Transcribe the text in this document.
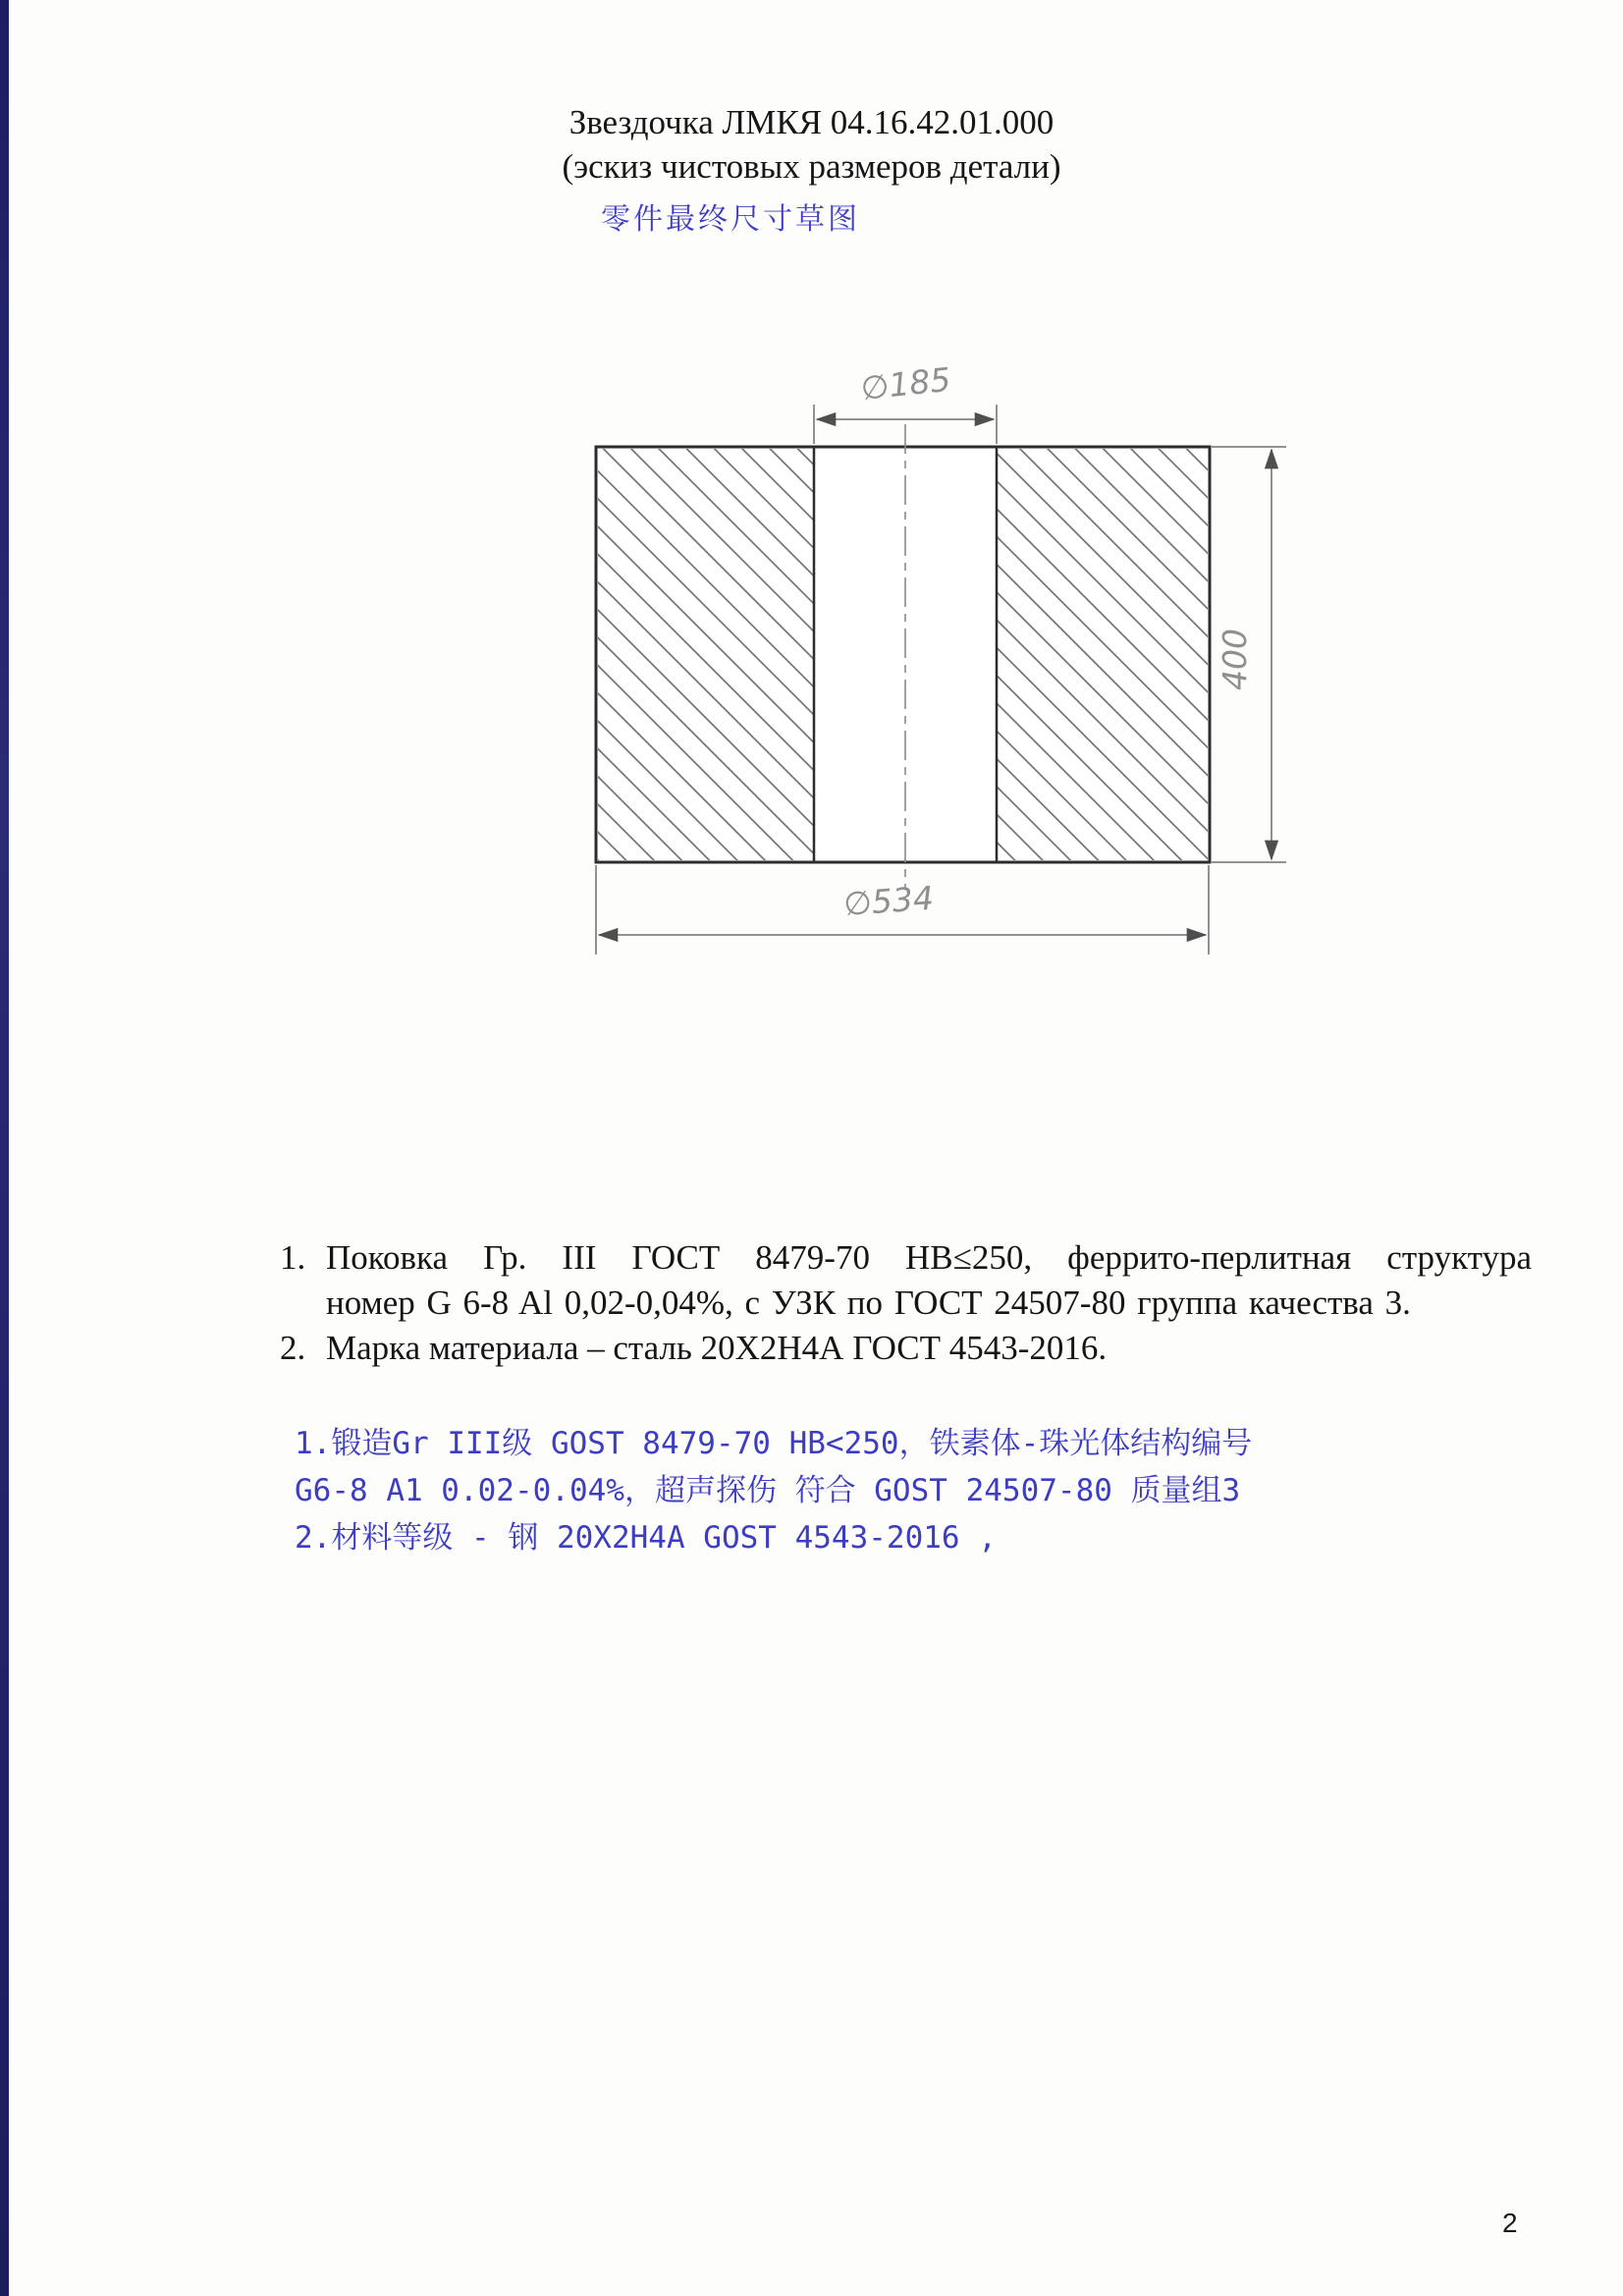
Звездочка ЛМКЯ 04.16.42.01.000
(эскиз чистовых размеров детали)
零件最终尺寸草图
∅185
400
∅534
1. Поковка Гр. III ГОСТ 8479-70 НВ≤250, феррито-перлитная структура
номер G 6-8 Al 0,02-0,04%, с УЗК по ГОСТ 24507-80 группа качества 3.
2. Марка материала – сталь 20Х2Н4А ГОСТ 4543-2016.
1.锻造Gr III级 GOST 8479-70 HB<250，铁素体-珠光体结构编号
G6-8 A1 0.02-0.04%，超声探伤 符合 GOST 24507-80 质量组3
2.材料等级 - 钢 20X2H4A GOST 4543-2016 ,
2
